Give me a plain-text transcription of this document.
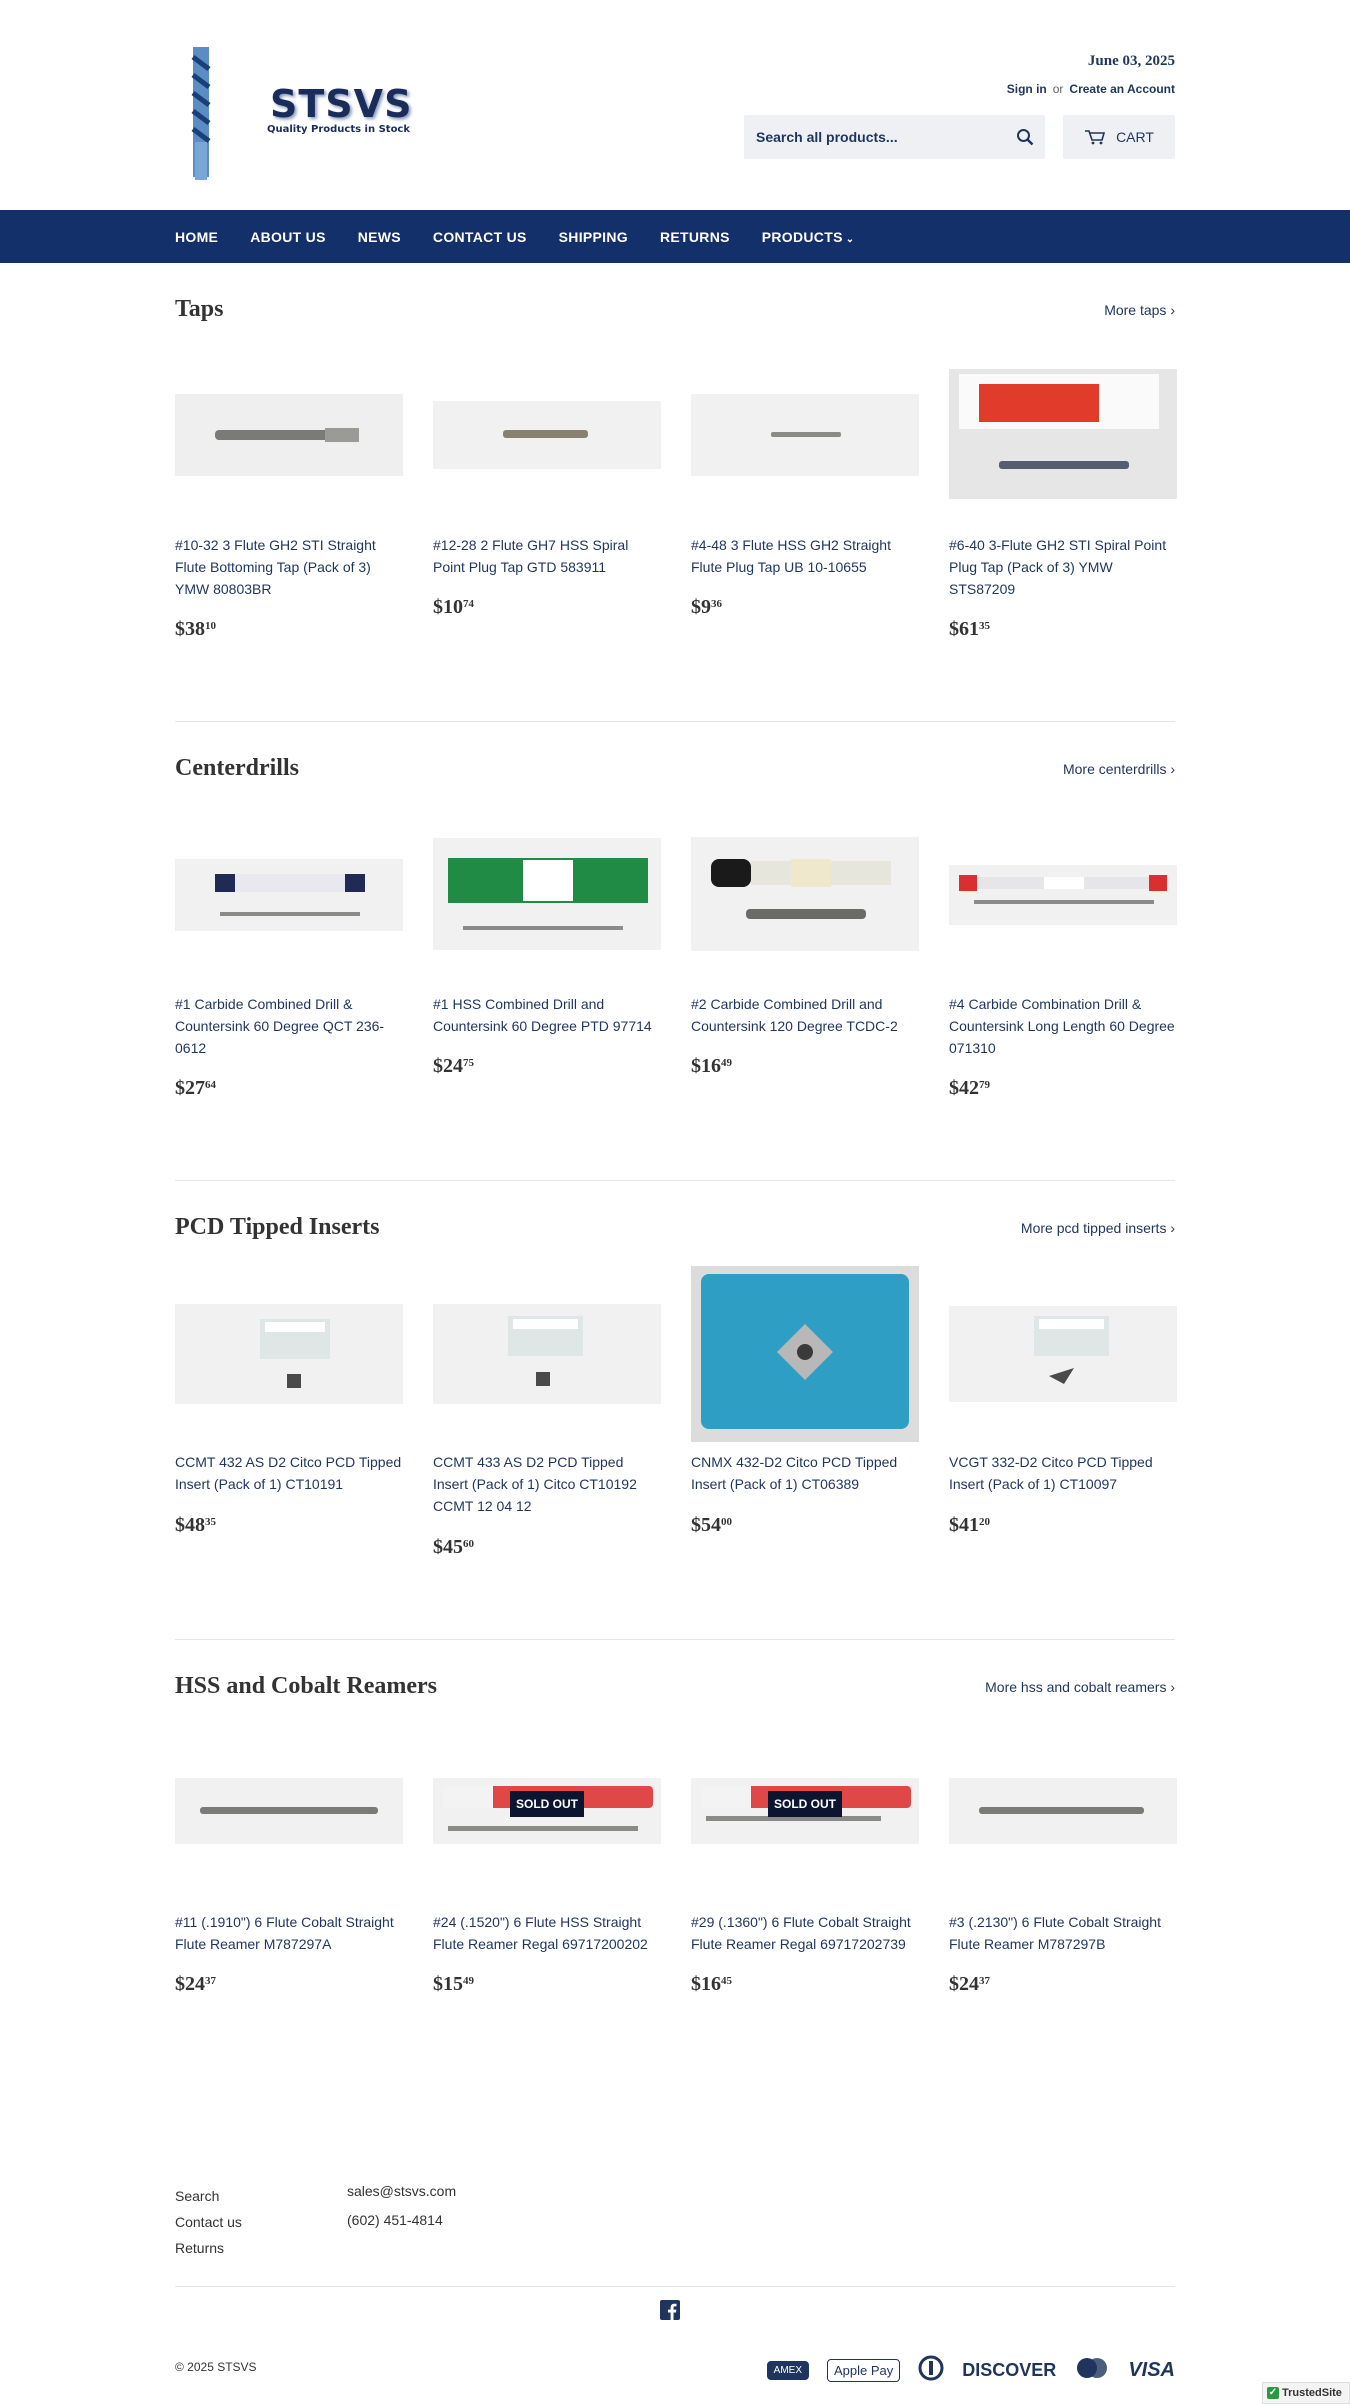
STSVS
Quality Products in Stock
June 03, 2025
Sign in or Create an Account
Search all products...
CART
HOME ABOUT US NEWS CONTACT US SHIPPING RETURNS PRODUCTS ⌄
Taps	More taps ›
#10-32 3 Flute GH2 STI Straight Flute Bottoming Tap (Pack of 3) YMW 80803BR
$\$38^{10}$
#12-28 2 Flute GH7 HSS Spiral Point Plug Tap GTD 583911
$\$10^{74}$
#4-48 3 Flute HSS GH2 Straight Flute Plug Tap UB 10-10655
$\$9^{36}$
#6-40 3-Flute GH2 STI Spiral Point Plug Tap (Pack of 3) YMW STS87209
$\$61^{35}$
Centerdrills	More centerdrills ›
#1 Carbide Combined Drill & Countersink 60 Degree QCT 236-0612
$\$27^{64}$
#1 HSS Combined Drill and Countersink 60 Degree PTD 97714
$\$24^{75}$
#2 Carbide Combined Drill and Countersink 120 Degree TCDC-2
$\$16^{49}$
#4 Carbide Combination Drill & Countersink Long Length 60 Degree 071310
$\$42^{79}$
PCD Tipped Inserts	More pcd tipped inserts ›
CCMT 432 AS D2 Citco PCD Tipped Insert (Pack of 1) CT10191
$\$48^{35}$
CCMT 433 AS D2 PCD Tipped Insert (Pack of 1) Citco CT10192 CCMT 12 04 12
$\$45^{60}$
CNMX 432-D2 Citco PCD Tipped Insert (Pack of 1) CT06389
$\$54^{00}$
VCGT 332-D2 Citco PCD Tipped Insert (Pack of 1) CT10097
$\$41^{20}$
HSS and Cobalt Reamers	More hss and cobalt reamers ›
#11 (.1910") 6 Flute Cobalt Straight Flute Reamer M787297A
$\$24^{37}$
SOLD OUT
#24 (.1520") 6 Flute HSS Straight Flute Reamer Regal 69717200202
$\$15^{49}$
SOLD OUT
#29 (.1360") 6 Flute Cobalt Straight Flute Reamer Regal 69717202739
$\$16^{45}$
#3 (.2130") 6 Flute Cobalt Straight Flute Reamer M787297B
$\$24^{37}$
Search
Contact us
Returns
sales@stsvs.com
(602) 451-4814
© 2025 STSVS	AMEX	Apple Pay	DISCOVER	VISA
✓ TrustedSite
